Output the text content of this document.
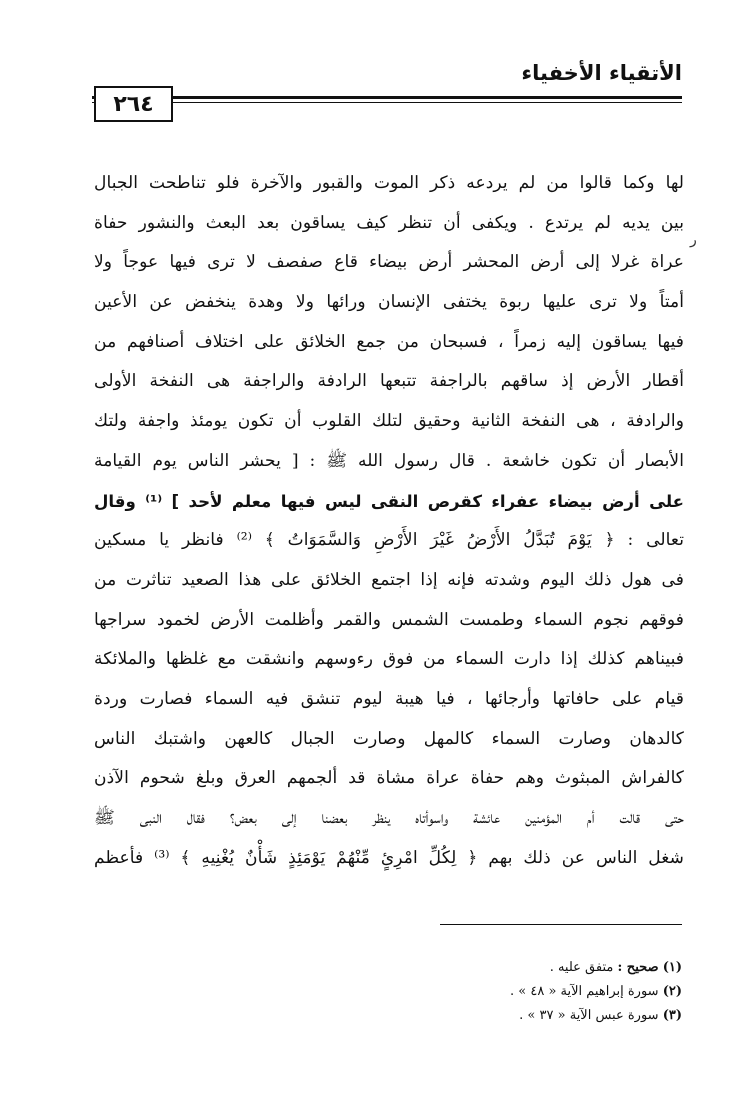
الأتقياء الأخفياء
٢٦٤
ر
لها وكما قالوا من لم يردعه ذكر الموت والقبور والآخرة فلو تناطحت الجبال
بين يديه لم يرتدع . ويكفى أن تنظر كيف يساقون بعد البعث والنشور حفاة
عراة غرلا إلى أرض المحشر أرض بيضاء قاع صفصف لا ترى فيها عوجاً ولا
أمتاً ولا ترى عليها ربوة يختفى الإنسان ورائها ولا وهدة ينخفض عن الأعين
فيها يساقون إليه زمراً ، فسبحان من جمع الخلائق على اختلاف أصنافهم من
أقطار الأرض إذ ساقهم بالراجفة تتبعها الرادفة والراجفة هى النفخة الأولى
والرادفة ، هى النفخة الثانية وحقيق لتلك القلوب أن تكون يومئذ واجفة ولتك
الأبصار أن تكون خاشعة . قال رسول الله ﷺ : [ يحشر الناس يوم القيامة
على أرض بيضاء عفراء كقرص النقى ليس فيها معلم لأحد ] ⁽¹⁾ وقال
تعالى : ﴿ يَوْمَ تُبَدَّلُ الأَرْضُ غَيْرَ الأَرْضِ وَالسَّمَوَاتُ ﴾ ⁽²⁾ فانظر يا مسكين
فى هول ذلك اليوم وشدته فإنه إذا اجتمع الخلائق على هذا الصعيد تناثرت من
فوقهم نجوم السماء وطمست الشمس والقمر وأظلمت الأرض لخمود سراجها
فبيناهم كذلك إذا دارت السماء من فوق رءوسهم وانشقت مع غلظها والملائكة
قيام على حافاتها وأرجائها ، فيا هيبة ليوم تنشق فيه السماء فصارت وردة
كالدهان وصارت السماء كالمهل وصارت الجبال كالعهن واشتبك الناس
كالفراش المبثوث وهم حفاة عراة مشاة قد ألجمهم العرق وبلغ شحوم الآذن
حتى قالت أم المؤمنين عائشة واسوأتاه ينظر بعضنا إلى بعض؟ فقال النبى ﷺ
شغل الناس عن ذلك بهم ﴿ لِكُلِّ امْرِئٍ مِّنْهُمْ يَوْمَئِذٍ شَأْنٌ يُغْنِيهِ ﴾ ⁽³⁾ فأعظم
(١) صحيح : متفق عليه .
(٢) سورة إبراهيم الآية « ٤٨ » .
(٣) سورة عبس الآية « ٣٧ » .
